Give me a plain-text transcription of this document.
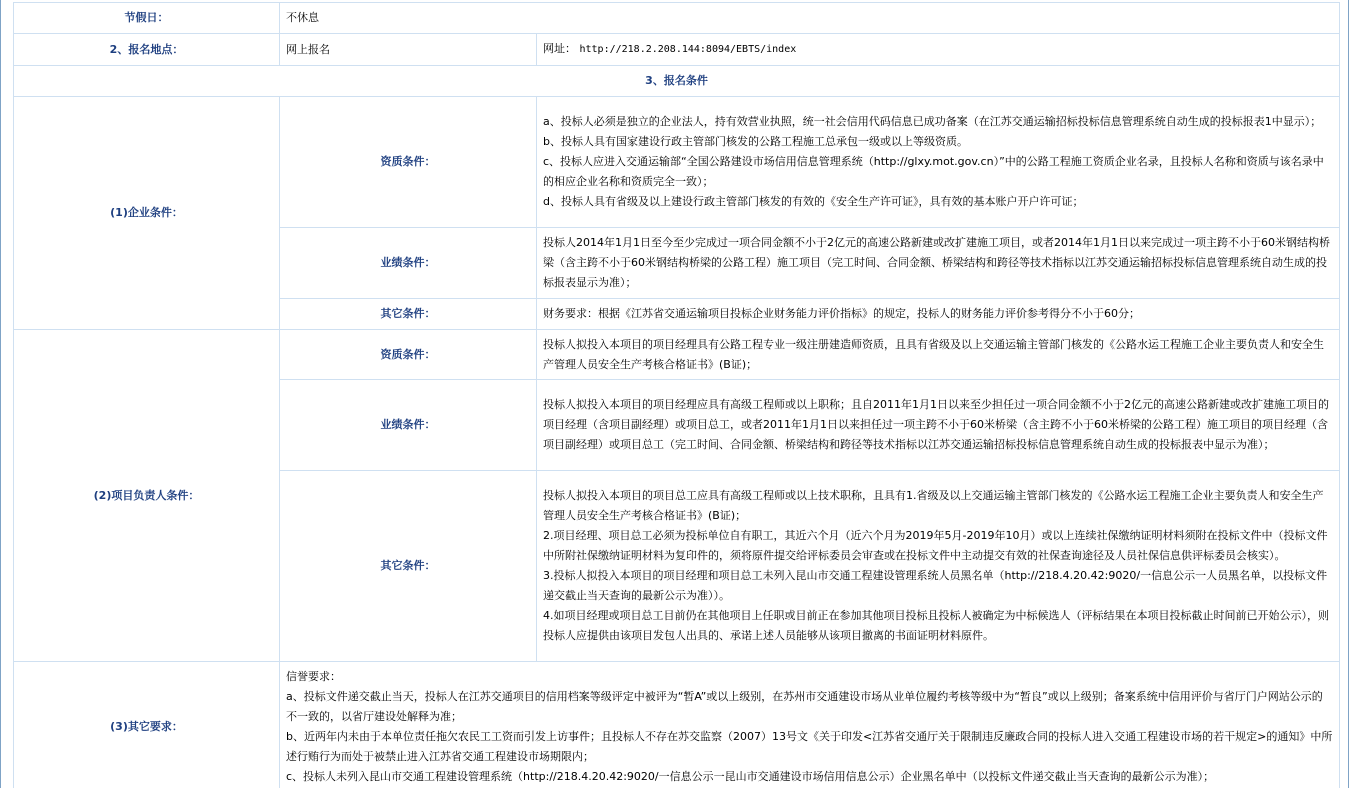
节假日：	不休息	
2、报名地点：	网上报名	网址： http://218.2.208.144:8094/EBTS/index
3、报名条件		
(1)企业条件：	资质条件：	a、投标人必须是独立的企业法人，持有效营业执照，统一社会信用代码信息已成功备案（在江苏交通运输招标投标信息管理系统自动生成的投标报表1中显示）；
b、投标人具有国家建设行政主管部门核发的公路工程施工总承包一级或以上等级资质。
c、投标人应进入交通运输部“全国公路建设市场信用信息管理系统（http://glxy.mot.gov.cn）”中的公路工程施工资质企业名录，且投标人名称和资质与该名录中的相应企业名称和资质完全一致）；
d、投标人具有省级及以上建设行政主管部门核发的有效的《安全生产许可证》，具有效的基本账户开户许可证；

	业绩条件：	投标人2014年1月1日至今至少完成过一项合同金额不小于2亿元的高速公路新建或改扩建施工项目，或者2014年1月1日以来完成过一项主跨不小于60米钢结构桥梁（含主跨不小于60米钢结构桥梁的公路工程）施工项目（完工时间、合同金额、桥梁结构和跨径等技术指标以江苏交通运输招标投标信息管理系统自动生成的投标报表显示为准）；
	其它条件：	财务要求：根据《江苏省交通运输项目投标企业财务能力评价指标》的规定，投标人的财务能力评价参考得分不小于60分；
(2)项目负责人条件：	资质条件：	投标人拟投入本项目的项目经理具有公路工程专业一级注册建造师资质，且具有省级及以上交通运输主管部门核发的《公路水运工程施工企业主要负责人和安全生产管理人员安全生产考核合格证书》(B证)；
	业绩条件：	投标人拟投入本项目的项目经理应具有高级工程师或以上职称；且自2011年1月1日以来至少担任过一项合同金额不小于2亿元的高速公路新建或改扩建施工项目的项目经理（含项目副经理）或项目总工，或者2011年1月1日以来担任过一项主跨不小于60米桥梁（含主跨不小于60米桥梁的公路工程）施工项目的项目经理（含项目副经理）或项目总工（完工时间、合同金额、桥梁结构和跨径等技术指标以江苏交通运输招标投标信息管理系统自动生成的投标报表中显示为准）；
	其它条件：	投标人拟投入本项目的项目总工应具有高级工程师或以上技术职称，且具有1.省级及以上交通运输主管部门核发的《公路水运工程施工企业主要负责人和安全生产管理人员安全生产考核合格证书》(B证)；
2.项目经理、项目总工必须为投标单位自有职工，其近六个月（近六个月为2019年5月-2019年10月）或以上连续社保缴纳证明材料须附在投标文件中（投标文件中所附社保缴纳证明材料为复印件的，须将原件提交给评标委员会审查或在投标文件中主动提交有效的社保查询途径及人员社保信息供评标委员会核实）。
3.投标人拟投入本项目的项目经理和项目总工未列入昆山市交通工程建设管理系统人员黑名单（http://218.4.20.42:9020/一信息公示一人员黑名单，以投标文件递交截止当天查询的最新公示为准））。
4.如项目经理或项目总工目前仍在其他项目上任职或目前正在参加其他项目投标且投标人被确定为中标候选人（评标结果在本项目投标截止时间前已开始公示），则投标人应提供由该项目发包人出具的、承诺上述人员能够从该项目撤离的书面证明材料原件。

(3)其它要求：	信誉要求：
a、投标文件递交截止当天，投标人在江苏交通项目的信用档案等级评定中被评为“暂A”或以上级别，在苏州市交通建设市场从业单位履约考核等级中为“暂良”或以上级别；备案系统中信用评价与省厅门户网站公示的不一致的，以省厅建设处解释为准；
b、近两年内未由于本单位责任拖欠农民工工资而引发上访事件；且投标人不存在苏交监察（2007）13号文《关于印发<江苏省交通厅关于限制违反廉政合同的投标人进入交通工程建设市场的若干规定>的通知》中所述行贿行为而处于被禁止进入江苏省交通工程建设市场期限内；
c、投标人未列入昆山市交通工程建设管理系统（http://218.4.20.42:9020/一信息公示一昆山市交通建设市场信用信息公示）企业黑名单中（以投标文件递交截止当天查询的最新公示为准）；	
